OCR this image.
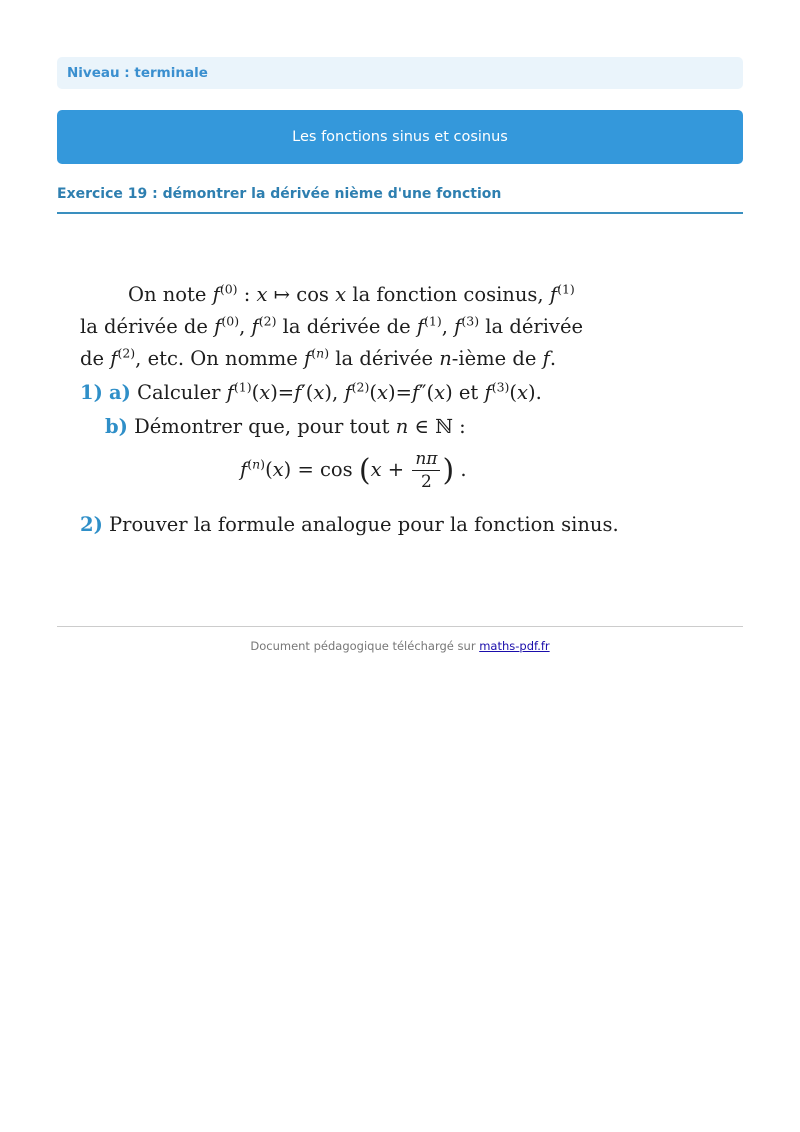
Niveau : terminale
Les fonctions sinus et cosinus
Exercice 19 : démontrer la dérivée nième d'une fonction
On note $f^{(0)}$ : x ↦ cos x la fonction cosinus, $f^{(1)}$
la dérivée de $f^{(0)}$, $f^{(2)}$ la dérivée de $f^{(1)}$, $f^{(3)}$ la dérivée
de $f^{(2)}$, etc. On nomme $f^{(n)}$ la dérivée n-ième de f.
1) a) Calculer $f^{(1)}(x)=f'(x)$, $f^{(2)}(x)=f''(x)$ et $f^{(3)}(x)$.
b) Démontrer que, pour tout n ∈ ℕ :
$f^{(n)}(x) = \cos (x + \frac{n\pi}{2}$ ) .
2) Prouver la formule analogue pour la fonction sinus.
Document pédagogique téléchargé sur maths-pdf.fr
